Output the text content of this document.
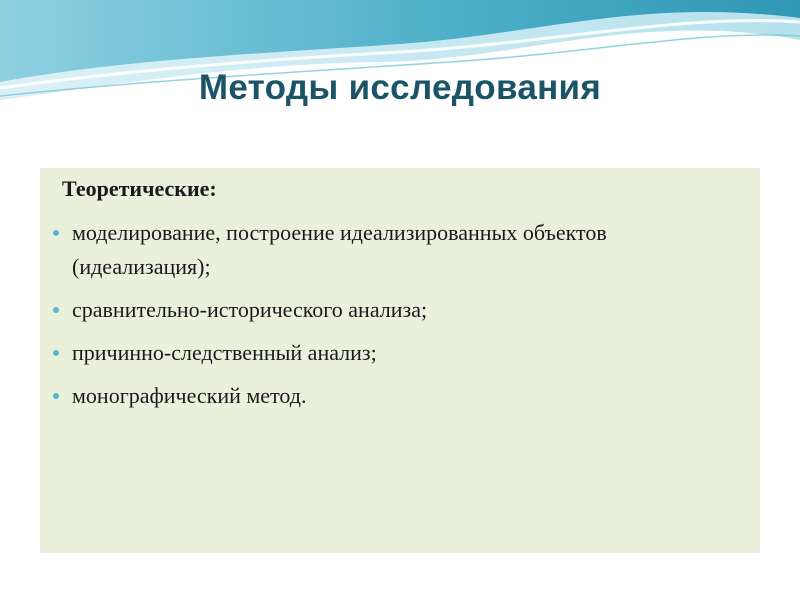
Методы исследования
Теоретические:
моделирование, построение идеализированных объектов (идеализация);
сравнительно-исторического анализа;
причинно-следственный анализ;
монографический метод.
